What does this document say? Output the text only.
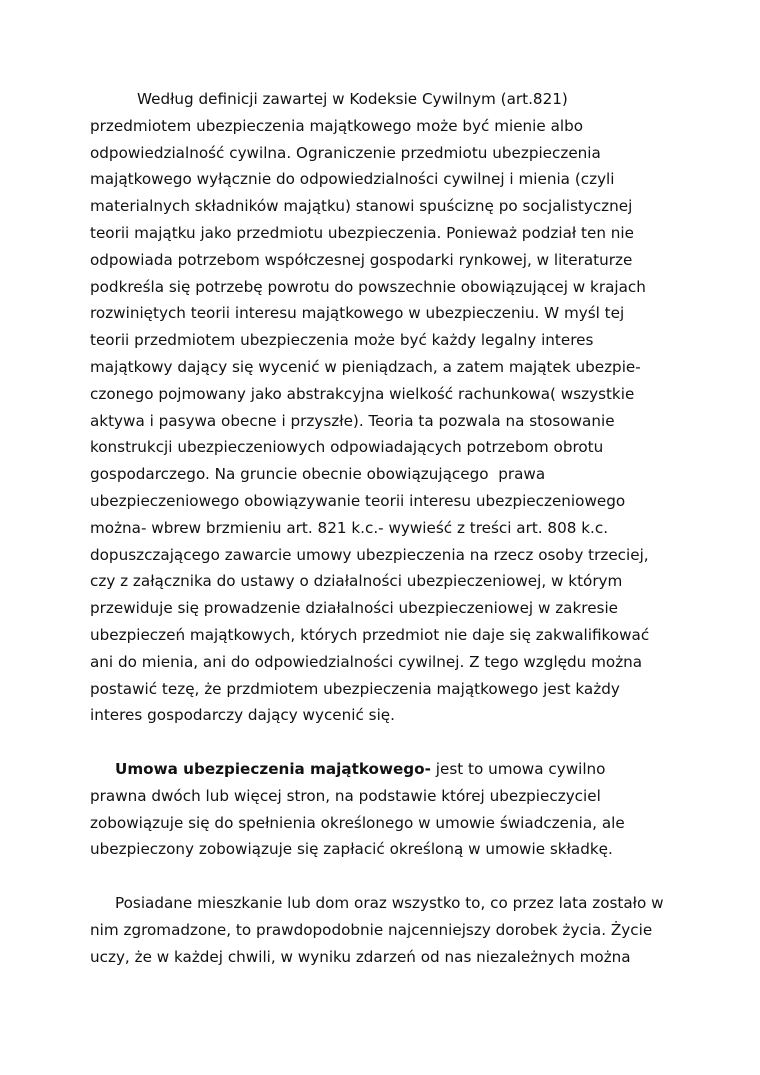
Według definicji zawartej w Kodeksie Cywilnym (art.821)
przedmiotem ubezpieczenia majątkowego może być mienie albo
odpowiedzialność cywilna. Ograniczenie przedmiotu ubezpieczenia
majątkowego wyłącznie do odpowiedzialności cywilnej i mienia (czyli
materialnych składników majątku) stanowi spuściznę po socjalistycznej
teorii majątku jako przedmiotu ubezpieczenia. Ponieważ podział ten nie
odpowiada potrzebom współczesnej gospodarki rynkowej, w literaturze
podkreśla się potrzebę powrotu do powszechnie obowiązującej w krajach
rozwiniętych teorii interesu majątkowego w ubezpieczeniu. W myśl tej
teorii przedmiotem ubezpieczenia może być każdy legalny interes
majątkowy dający się wycenić w pieniądzach, a zatem majątek ubezpie-
czonego pojmowany jako abstrakcyjna wielkość rachunkowa( wszystkie
aktywa i pasywa obecne i przyszłe). Teoria ta pozwala na stosowanie
konstrukcji ubezpieczeniowych odpowiadających potrzebom obrotu
gospodarczego. Na gruncie obecnie obowiązującego  prawa
ubezpieczeniowego obowiązywanie teorii interesu ubezpieczeniowego
można- wbrew brzmieniu art. 821 k.c.- wywieść z treści art. 808 k.c.
dopuszczającego zawarcie umowy ubezpieczenia na rzecz osoby trzeciej,
czy z załącznika do ustawy o działalności ubezpieczeniowej, w którym
przewiduje się prowadzenie działalności ubezpieczeniowej w zakresie
ubezpieczeń majątkowych, których przedmiot nie daje się zakwalifikować
ani do mienia, ani do odpowiedzialności cywilnej. Z tego względu można
postawić tezę, że przdmiotem ubezpieczenia majątkowego jest każdy
interes gospodarczy dający wycenić się.
Umowa ubezpieczenia majątkowego- jest to umowa cywilno
prawna dwóch lub więcej stron, na podstawie której ubezpieczyciel
zobowiązuje się do spełnienia określonego w umowie świadczenia, ale
ubezpieczony zobowiązuje się zapłacić określoną w umowie składkę.
Posiadane mieszkanie lub dom oraz wszystko to, co przez lata zostało w
nim zgromadzone, to prawdopodobnie najcenniejszy dorobek życia. Życie
uczy, że w każdej chwili, w wyniku zdarzeń od nas niezależnych można
